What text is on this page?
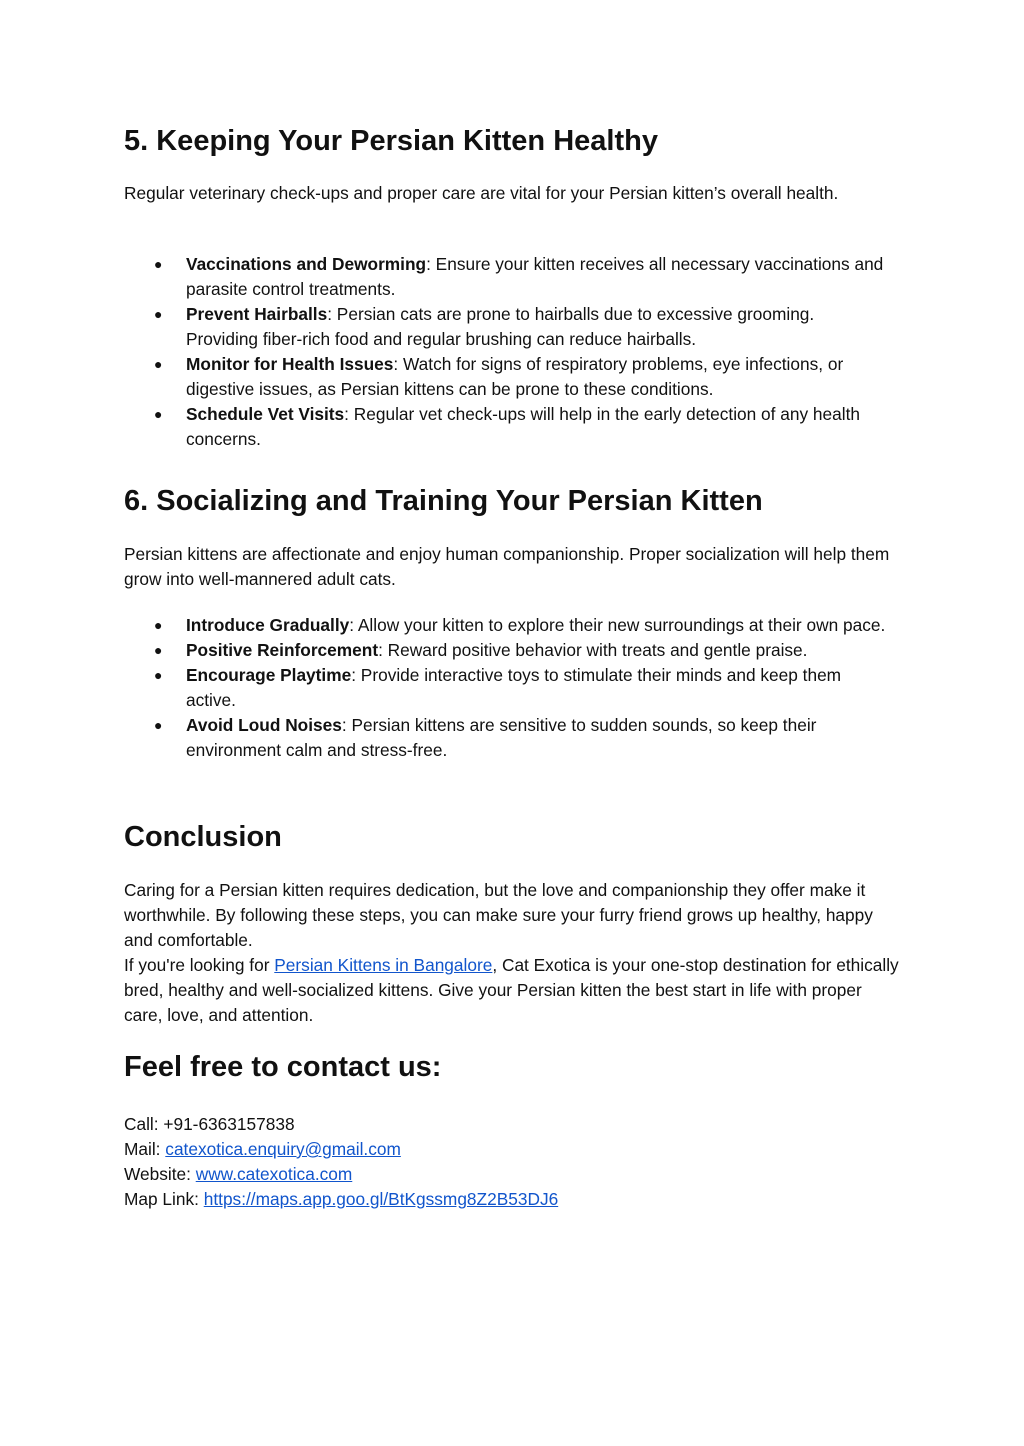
5. Keeping Your Persian Kitten Healthy

Regular veterinary check-ups and proper care are vital for your Persian kitten’s overall health.

● Vaccinations and Deworming: Ensure your kitten receives all necessary vaccinations and parasite control treatments.
● Prevent Hairballs: Persian cats are prone to hairballs due to excessive grooming. Providing fiber-rich food and regular brushing can reduce hairballs.
● Monitor for Health Issues: Watch for signs of respiratory problems, eye infections, or digestive issues, as Persian kittens can be prone to these conditions.
● Schedule Vet Visits: Regular vet check-ups will help in the early detection of any health concerns.
6. Socializing and Training Your Persian Kitten

Persian kittens are affectionate and enjoy human companionship. Proper socialization will help them grow into well-mannered adult cats.

● Introduce Gradually: Allow your kitten to explore their new surroundings at their own pace.
● Positive Reinforcement: Reward positive behavior with treats and gentle praise.
● Encourage Playtime: Provide interactive toys to stimulate their minds and keep them active.
● Avoid Loud Noises: Persian kittens are sensitive to sudden sounds, so keep their environment calm and stress-free.
Conclusion

Caring for a Persian kitten requires dedication, but the love and companionship they offer make it worthwhile. By following these steps, you can make sure your furry friend grows up healthy, happy and comfortable.
If you're looking for Persian Kittens in Bangalore, Cat Exotica is your one-stop destination for ethically bred, healthy and well-socialized kittens. Give your Persian kitten the best start in life with proper care, love, and attention.

Feel free to contact us:
Call: +91-6363157838
Mail: catexotica.enquiry@gmail.com
Website: www.catexotica.com
Map Link: https://maps.app.goo.gl/BtKgssmg8Z2B53DJ6
